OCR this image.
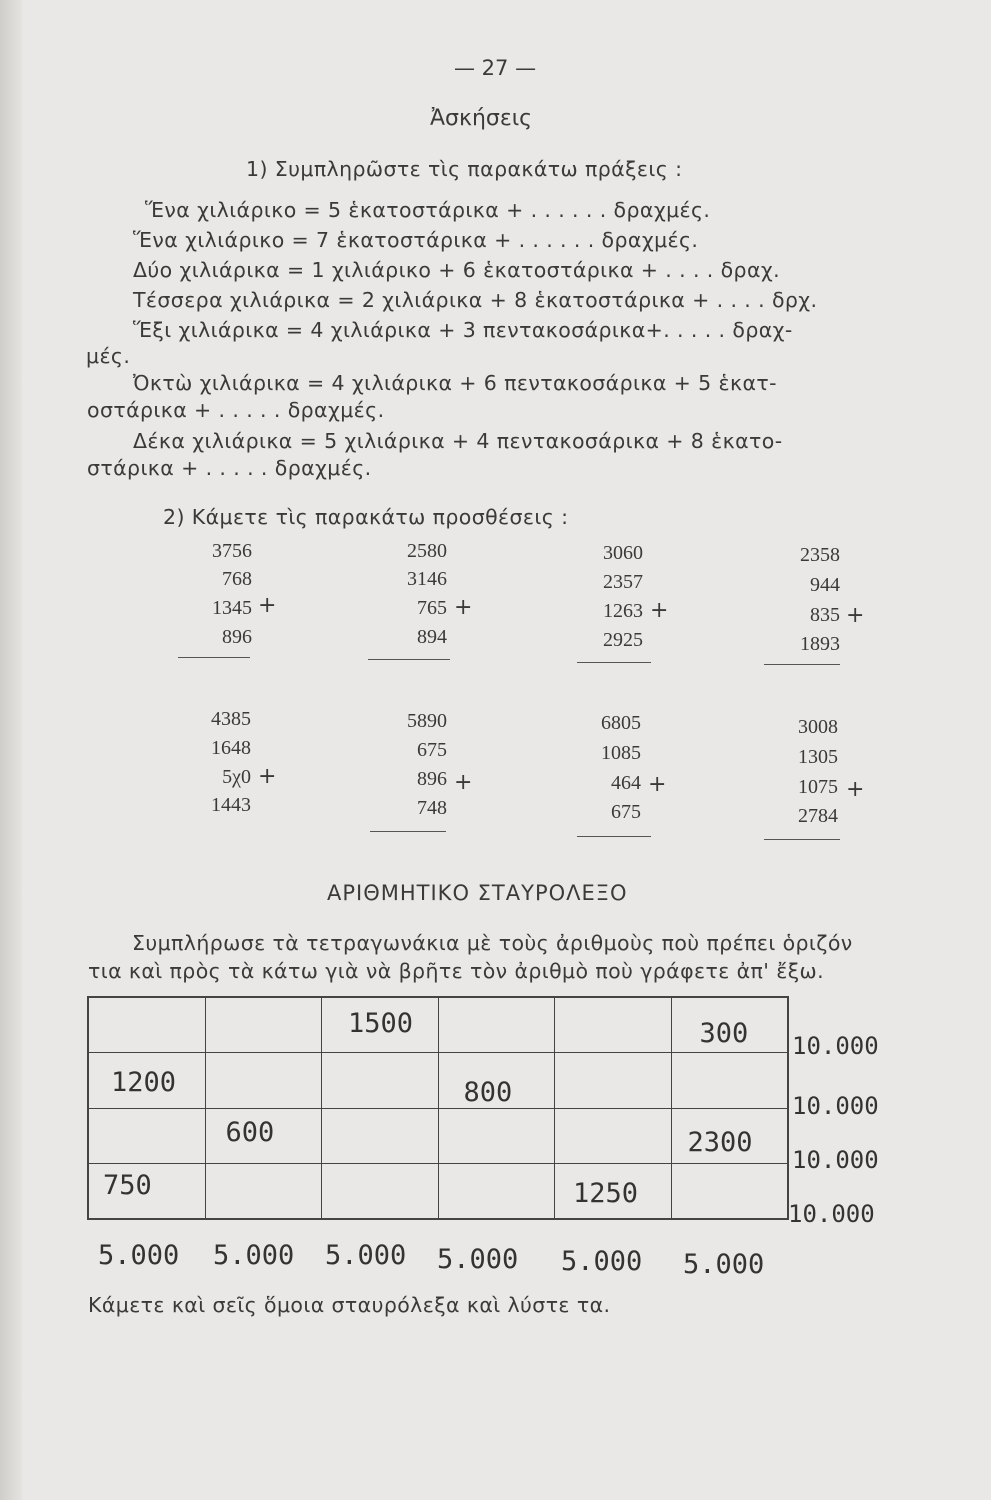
— 27 —
Ἀσκήσεις
1) Συμπληρῶστε τὶς παρακάτω πράξεις :
Ἕνα χιλιάρικο = 5 ἑκατοστάρικα + . . . . . . δραχμές.
Ἕνα χιλιάρικο = 7 ἑκατοστάρικα + . . . . . . δραχμές.
Δύο χιλιάρικα = 1 χιλιάρικο + 6 ἑκατοστάρικα + . . . . δραχ.
Τέσσερα χιλιάρικα = 2 χιλιάρικα + 8 ἑκατοστάρικα + . . . . δρχ.
Ἕξι χιλιάρικα = 4 χιλιάρικα + 3 πεντακοσάρικα+. . . . . δραχ-
μές.
Ὀκτὼ χιλιάρικα = 4 χιλιάρικα + 6 πεντακοσάρικα + 5 ἑκατ-
οστάρικα + . . . . . δραχμές.
Δέκα χιλιάρικα = 5 χιλιάρικα + 4 πεντακοσάρικα + 8 ἑκατο-
στάρικα + . . . . . δραχμές.
2) Κάμετε τὶς παρακάτω προσθέσεις :
3756
768
1345
896
+
2580
3146
765
894
+
3060
2357
1263
2925
+
2358
944
835
1893
+
4385
1648
5χ0
1443
+
5890
675
896
748
+
6805
1085
464
675
+
3008
1305
1075
2784
+
ΑΡΙΘΜΗΤΙΚΟ ΣΤΑΥΡΟΛΕΞΟ
Συμπλήρωσε τὰ τετραγωνάκια μὲ τοὺς ἀριθμοὺς ποὺ πρέπει ὁριζόν
τια καὶ πρὸς τὰ κάτω γιὰ νὰ βρῆτε τὸν ἀριθμὸ ποὺ γράφετε ἀπ' ἔξω.

		1500			300

1200			800		

	600				2300

750				1250	

10.000
10.000
10.000
10.000
5.000 5.000 5.000 5.000 5.000 5.000
Κάμετε καὶ σεῖς ὅμοια σταυρόλεξα καὶ λύστε τα.
